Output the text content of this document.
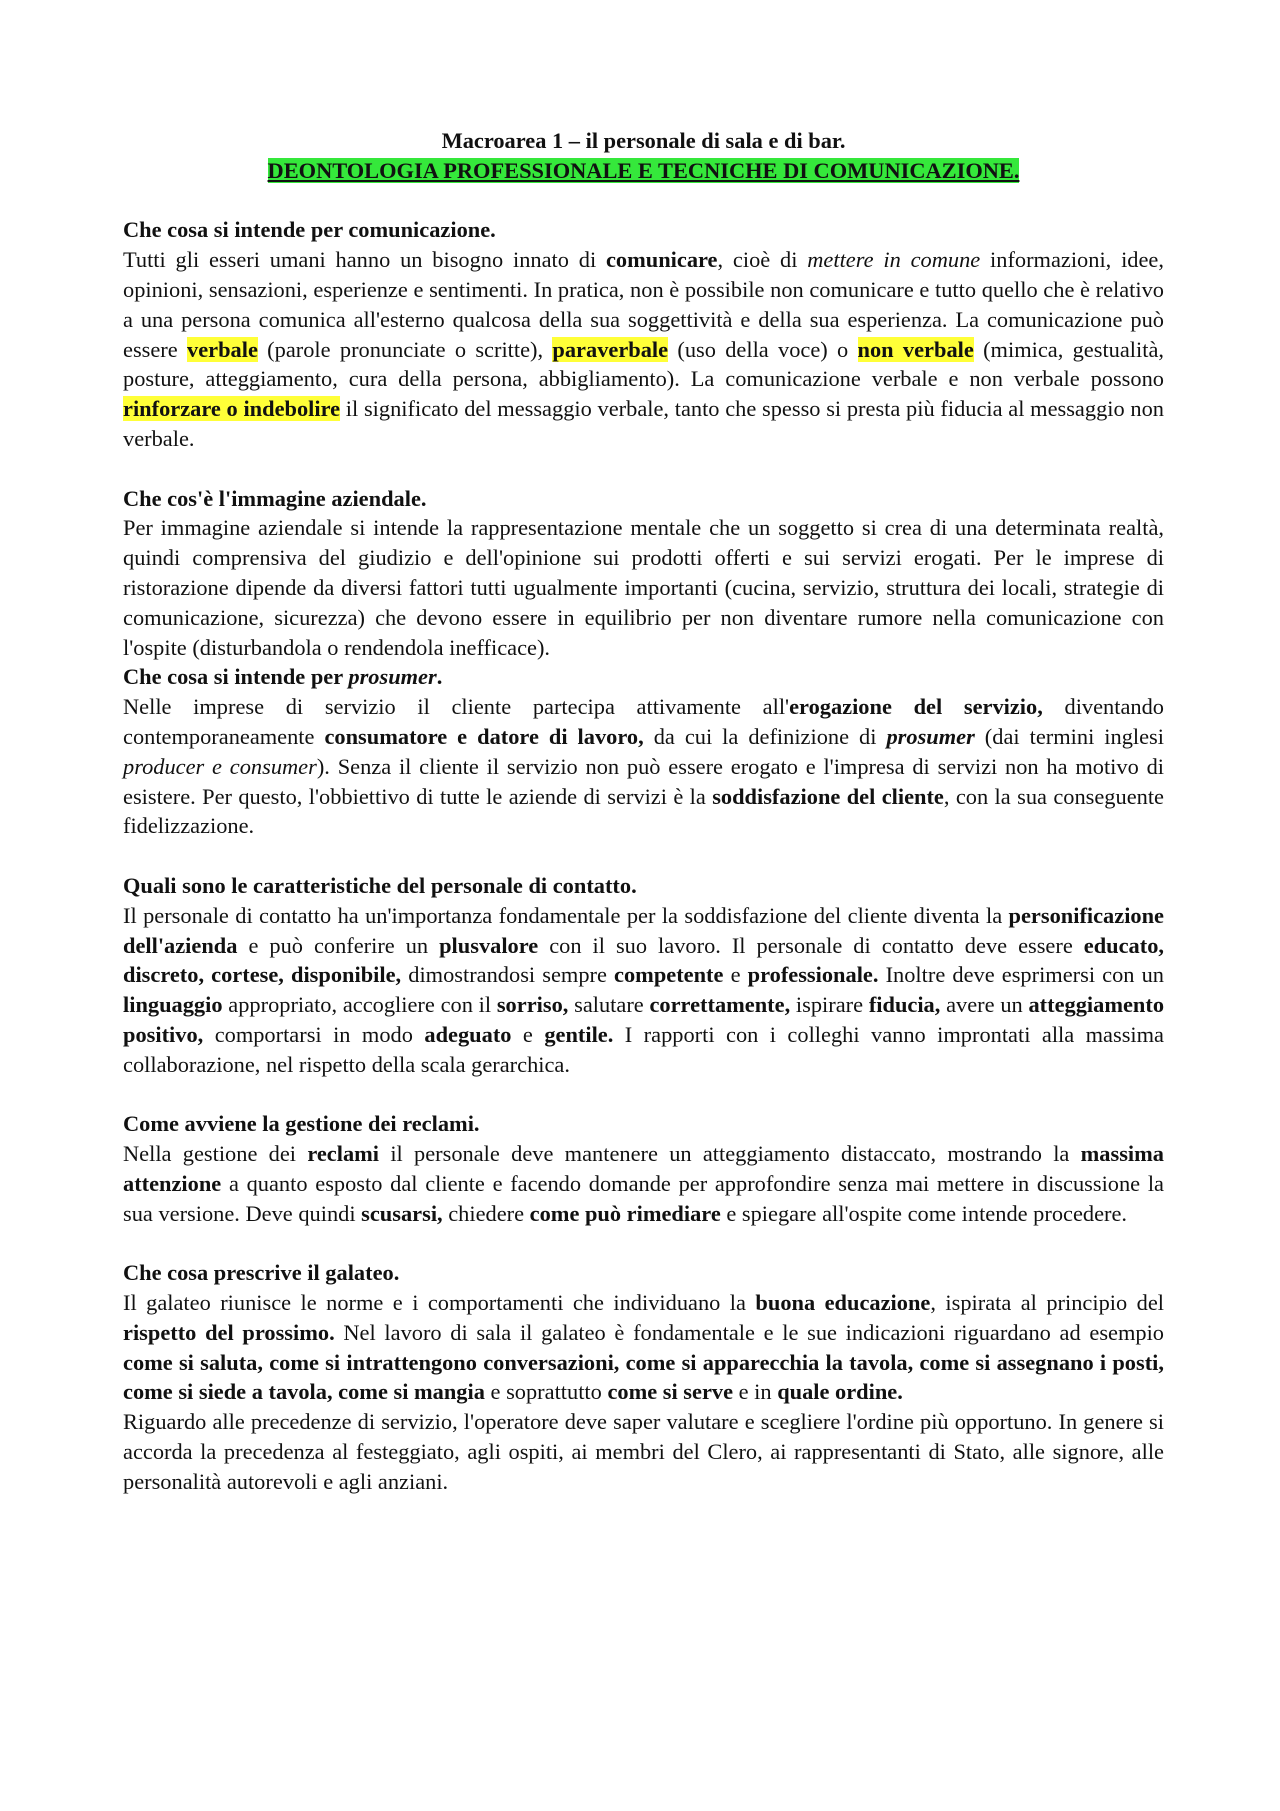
Macroarea 1 – il personale di sala e di bar.

DEONTOLOGIA PROFESSIONALE E TECNICHE DI COMUNICAZIONE.

Che cosa si intende per comunicazione.

Tutti gli esseri umani hanno un bisogno innato di comunicare, cioè di mettere in comune informazioni, idee, opinioni, sensazioni, esperienze e sentimenti. In pratica, non è possibile non comunicare e tutto quello che è relativo a una persona comunica all'esterno qualcosa della sua soggettività e della sua esperienza. La comunicazione può essere verbale (parole pronunciate o scritte), paraverbale (uso della voce) o non verbale (mimica, gestualità, posture, atteggiamento, cura della persona, abbigliamento). La comunicazione verbale e non verbale possono rinforzare o indebolire il significato del messaggio verbale, tanto che spesso si presta più fiducia al messaggio non verbale.

Che cos'è l'immagine aziendale.

Per immagine aziendale si intende la rappresentazione mentale che un soggetto si crea di una determinata realtà, quindi comprensiva del giudizio e dell'opinione sui prodotti offerti e sui servizi erogati. Per le imprese di ristorazione dipende da diversi fattori tutti ugualmente importanti (cucina, servizio, struttura dei locali, strategie di comunicazione, sicurezza) che devono essere in equilibrio per non diventare rumore nella comunicazione con l'ospite (disturbandola o rendendola inefficace).

Che cosa si intende per prosumer.

Nelle imprese di servizio il cliente partecipa attivamente all'erogazione del servizio, diventando contemporaneamente consumatore e datore di lavoro, da cui la definizione di prosumer (dai termini inglesi producer e consumer). Senza il cliente il servizio non può essere erogato e l'impresa di servizi non ha motivo di esistere. Per questo, l'obbiettivo di tutte le aziende di servizi è la soddisfazione del cliente, con la sua conseguente fidelizzazione.

Quali sono le caratteristiche del personale di contatto.

Il personale di contatto ha un'importanza fondamentale per la soddisfazione del cliente diventa la personificazione dell'azienda e può conferire un plusvalore con il suo lavoro. Il personale di contatto deve essere educato, discreto, cortese, disponibile, dimostrandosi sempre competente e professionale. Inoltre deve esprimersi con un linguaggio appropriato, accogliere con il sorriso, salutare correttamente, ispirare fiducia, avere un atteggiamento positivo, comportarsi in modo adeguato e gentile. I rapporti con i colleghi vanno improntati alla massima collaborazione, nel rispetto della scala gerarchica.

Come avviene la gestione dei reclami.

Nella gestione dei reclami il personale deve mantenere un atteggiamento distaccato, mostrando la massima attenzione a quanto esposto dal cliente e facendo domande per approfondire senza mai mettere in discussione la sua versione. Deve quindi scusarsi, chiedere come può rimediare e spiegare all'ospite come intende procedere.

Che cosa prescrive il galateo.

Il galateo riunisce le norme e i comportamenti che individuano la buona educazione, ispirata al principio del rispetto del prossimo. Nel lavoro di sala il galateo è fondamentale e le sue indicazioni riguardano ad esempio come si saluta, come si intrattengono conversazioni, come si apparecchia la tavola, come si assegnano i posti, come si siede a tavola, come si mangia e soprattutto come si serve e in quale ordine.

Riguardo alle precedenze di servizio, l'operatore deve saper valutare e scegliere l'ordine più opportuno. In genere si accorda la precedenza al festeggiato, agli ospiti, ai membri del Clero, ai rappresentanti di Stato, alle signore, alle personalità autorevoli e agli anziani.
